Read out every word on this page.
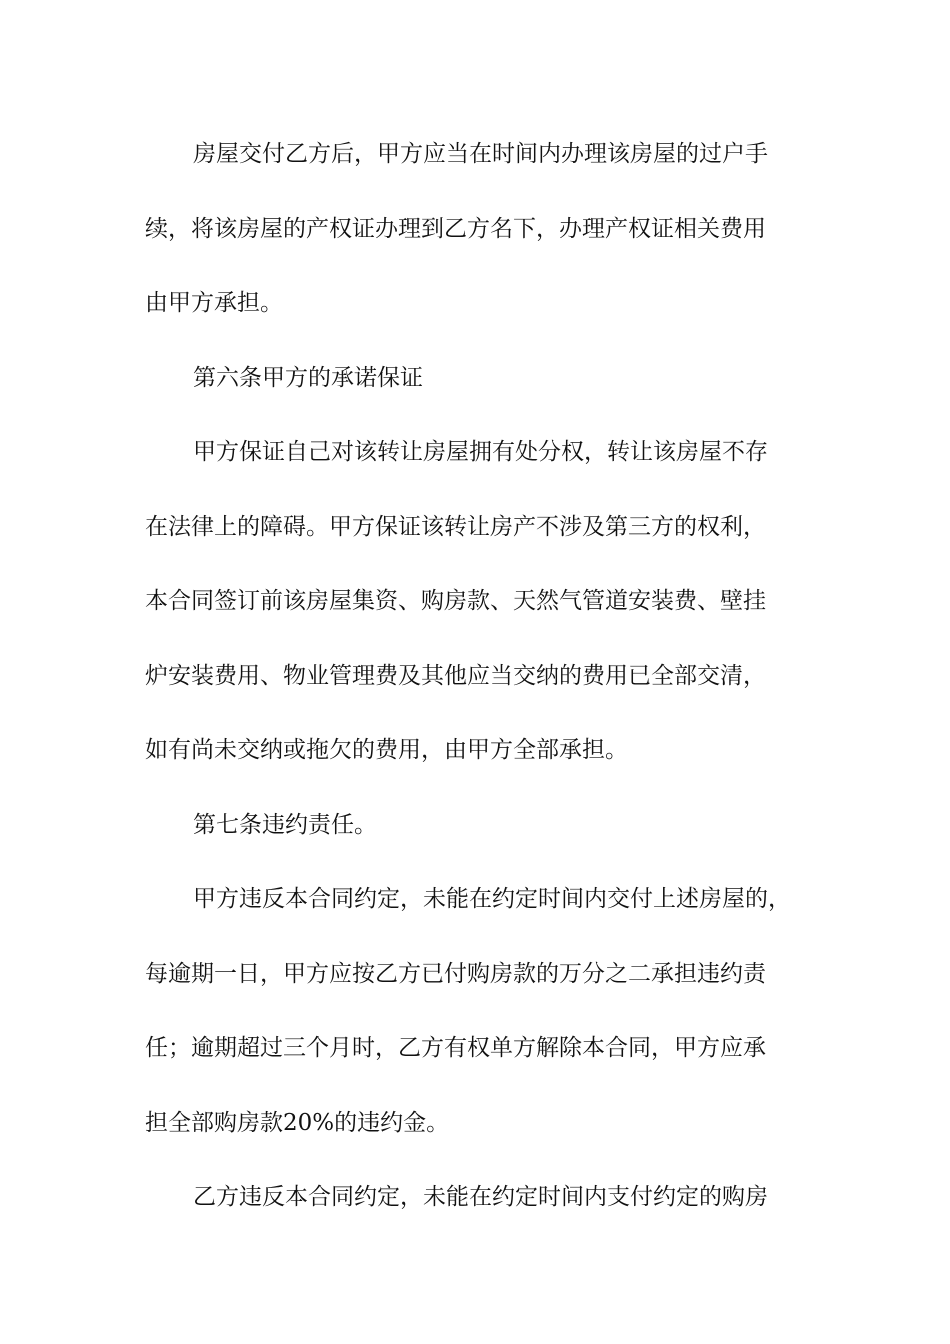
房屋交付乙方后，甲方应当在时间内办理该房屋的过户手
续，将该房屋的产权证办理到乙方名下，办理产权证相关费用
由甲方承担。
第六条甲方的承诺保证
甲方保证自己对该转让房屋拥有处分权，转让该房屋不存
在法律上的障碍。甲方保证该转让房产不涉及第三方的权利，
本合同签订前该房屋集资、购房款、天然气管道安装费、壁挂
炉安装费用、物业管理费及其他应当交纳的费用已全部交清，
如有尚未交纳或拖欠的费用，由甲方全部承担。
第七条违约责任。
甲方违反本合同约定，未能在约定时间内交付上述房屋的，
每逾期一日，甲方应按乙方已付购房款的万分之二承担违约责
任；逾期超过三个月时，乙方有权单方解除本合同，甲方应承
担全部购房款20%的违约金。
乙方违反本合同约定，未能在约定时间内支付约定的购房
